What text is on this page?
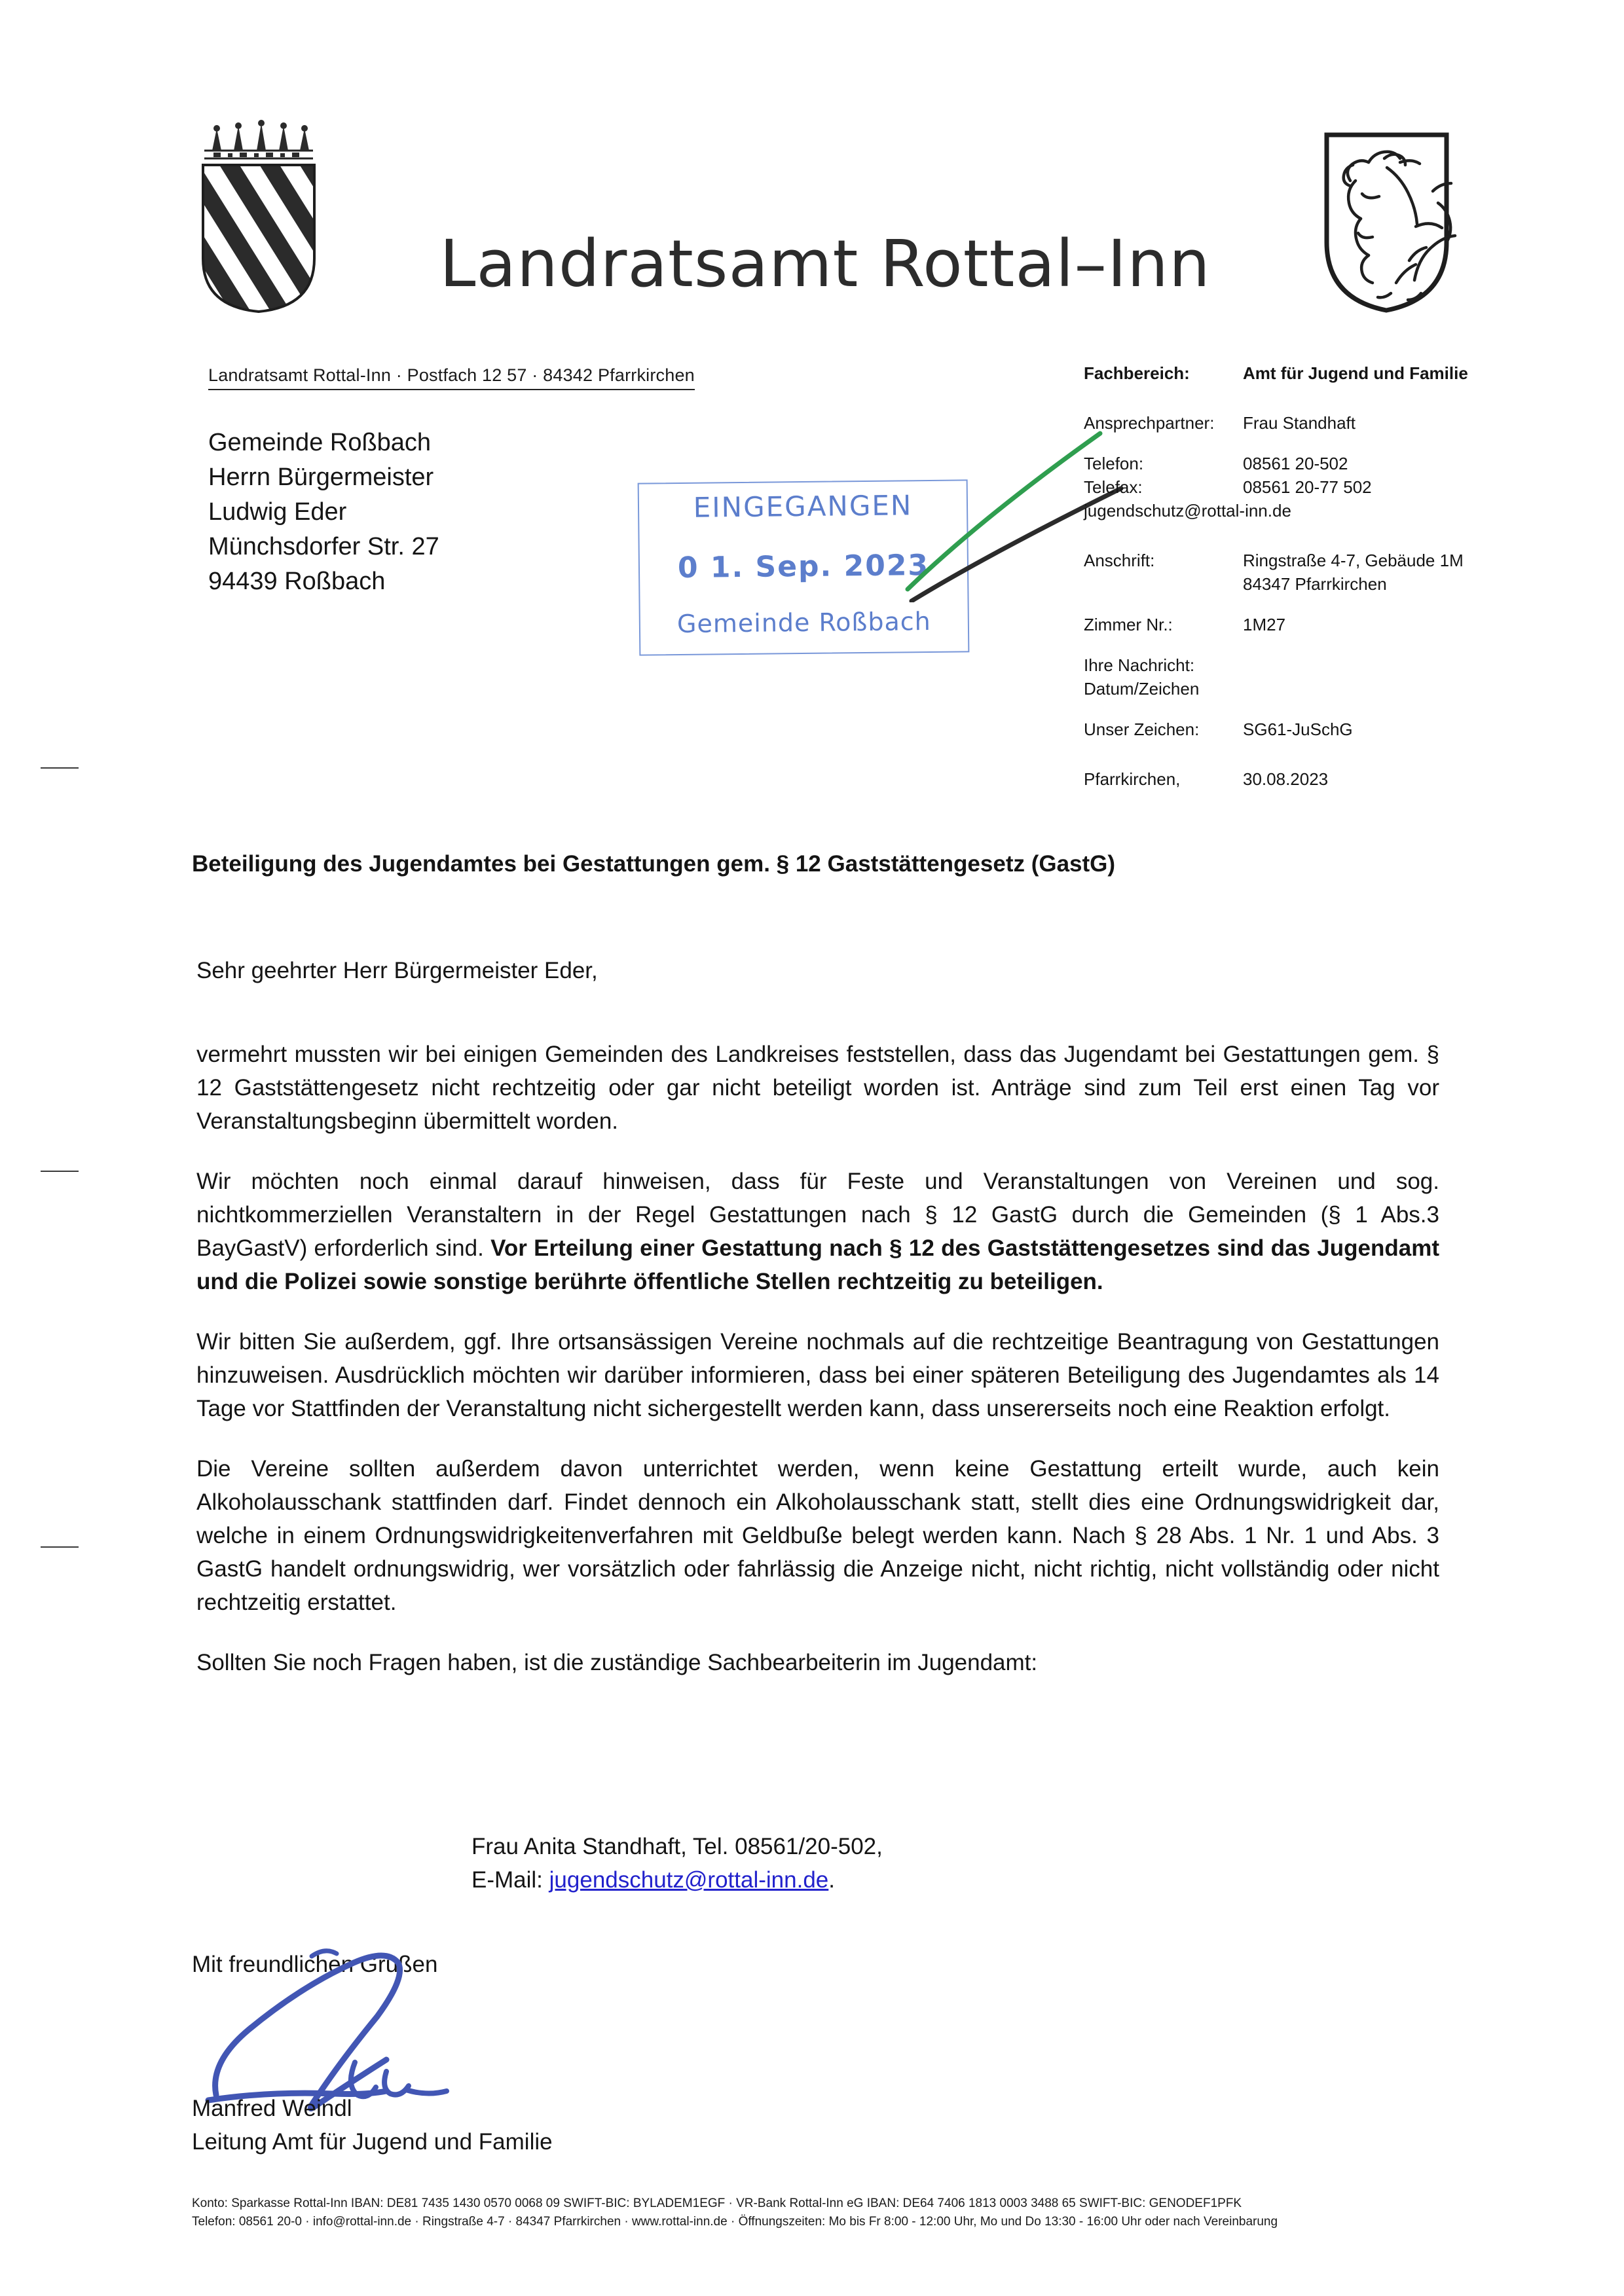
Landratsamt Rottal–Inn
Landratsamt Rottal-Inn · Postfach 12 57 · 84342 Pfarrkirchen
Gemeinde Roßbach
Herrn Bürgermeister
Ludwig Eder
Münchsdorfer Str. 27
94439 Roßbach
EINGEGANGEN
0 1. Sep. 2023
Gemeinde Roßbach
Fachbereich:	Amt für Jugend und Familie
Ansprechpartner:	Frau Standhaft
Telefon:	08561 20-502
Telefax:	08561 20-77 502
jugendschutz@rottal-inn.de
Anschrift:	Ringstraße 4-7, Gebäude 1M
84347 Pfarrkirchen
Zimmer Nr.:	1M27
Ihre Nachricht:
Datum/Zeichen
Unser Zeichen:	SG61-JuSchG
Pfarrkirchen,	30.08.2023
Beteiligung des Jugendamtes bei Gestattungen gem. § 12 Gaststättengesetz (GastG)
Sehr geehrter Herr Bürgermeister Eder,

vermehrt mussten wir bei einigen Gemeinden des Landkreises feststellen, dass das Jugendamt bei Gestattungen gem. § 12 Gaststättengesetz nicht rechtzeitig oder gar nicht beteiligt worden ist. Anträge sind zum Teil erst einen Tag vor Veranstaltungsbeginn übermittelt worden.

Wir möchten noch einmal darauf hinweisen, dass für Feste und Veranstaltungen von Vereinen und sog. nichtkommerziellen Veranstaltern in der Regel Gestattungen nach § 12 GastG durch die Gemeinden (§ 1 Abs.3 BayGastV) erforderlich sind. Vor Erteilung einer Gestattung nach § 12 des Gaststättengesetzes sind das Jugendamt und die Polizei sowie sonstige berührte öffentliche Stellen rechtzeitig zu beteiligen.

Wir bitten Sie außerdem, ggf. Ihre ortsansässigen Vereine nochmals auf die rechtzeitige Beantragung von Gestattungen hinzuweisen. Ausdrücklich möchten wir darüber informieren, dass bei einer späteren Beteiligung des Jugendamtes als 14 Tage vor Stattfinden der Veranstaltung nicht sichergestellt werden kann, dass unsererseits noch eine Reaktion erfolgt.

Die Vereine sollten außerdem davon unterrichtet werden, wenn keine Gestattung erteilt wurde, auch kein Alkoholausschank stattfinden darf. Findet dennoch ein Alkoholausschank statt, stellt dies eine Ordnungswidrigkeit dar, welche in einem Ordnungswidrigkeitenverfahren mit Geldbuße belegt werden kann. Nach § 28 Abs. 1 Nr. 1 und Abs. 3 GastG handelt ordnungswidrig, wer vorsätzlich oder fahrlässig die Anzeige nicht, nicht richtig, nicht vollständig oder nicht rechtzeitig erstattet.

Sollten Sie noch Fragen haben, ist die zuständige Sachbearbeiterin im Jugendamt:

Frau Anita Standhaft, Tel. 08561/20-502,
E-Mail: jugendschutz@rottal-inn.de.
Mit freundlichen Grüßen
Manfred Weindl
Leitung Amt für Jugend und Familie
Konto: Sparkasse Rottal-Inn IBAN: DE81 7435 1430 0570 0068 09 SWIFT-BIC: BYLADEM1EGF · VR-Bank Rottal-Inn eG IBAN: DE64 7406 1813 0003 3488 65 SWIFT-BIC: GENODEF1PFK
Telefon: 08561 20-0 · info@rottal-inn.de · Ringstraße 4-7 · 84347 Pfarrkirchen · www.rottal-inn.de · Öffnungszeiten: Mo bis Fr 8:00 - 12:00 Uhr, Mo und Do 13:30 - 16:00 Uhr oder nach Vereinbarung
